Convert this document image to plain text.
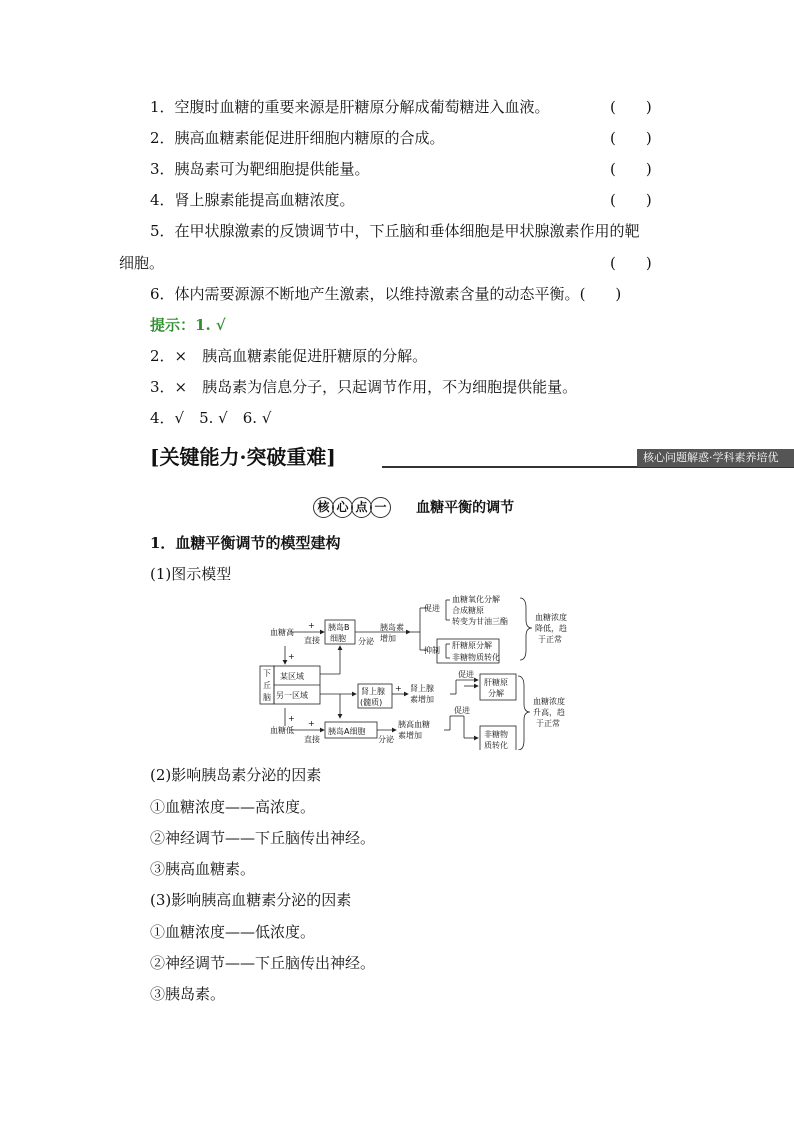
1．空腹时血糖的重要来源是肝糖原分解成葡萄糖进入血液。	(　　)
2．胰高血糖素能促进肝细胞内糖原的合成。	(　　)
3．胰岛素可为靶细胞提供能量。	(　　)
4．肾上腺素能提高血糖浓度。	(　　)
5．在甲状腺激素的反馈调节中，下丘脑和垂体细胞是甲状腺激素作用的靶
细胞。	(　　)
6．体内需要源源不断地产生激素，以维持激素含量的动态平衡。(　　)
提示：1. √
2．×　胰高血糖素能促进肝糖原的分解。
3．×　胰岛素为信息分子，只起调节作用，不为细胞提供能量。
4．√　5. √　6. √
[关键能力·突破重难]	核心问题解惑·学科素养培优
核 心 点 一 血糖平衡的调节
1．血糖平衡调节的模型建构
(1)图示模型
血糖高
+
直接
胰岛B
细胞 分泌
胰岛素
增加
促进
抑制
血糖氧化分解
合成糖原
转变为甘油三酯
肝糖原分解
非糖物质转化
血糖浓度
降低，趋
于正常
下
丘
脑
某区域
另一区域
+
+
肾上腺
(髓质)
+ 肾上腺
素增加
血糖低
+
直接
胰岛A细胞
分泌
胰高血糖
素增加
促进
促进
肝糖原
分解
非糖物
质转化
血糖浓度
升高，趋
于正常
(2)影响胰岛素分泌的因素
①血糖浓度——高浓度。
②神经调节——下丘脑传出神经。
③胰高血糖素。
(3)影响胰高血糖素分泌的因素
①血糖浓度——低浓度。
②神经调节——下丘脑传出神经。
③胰岛素。
